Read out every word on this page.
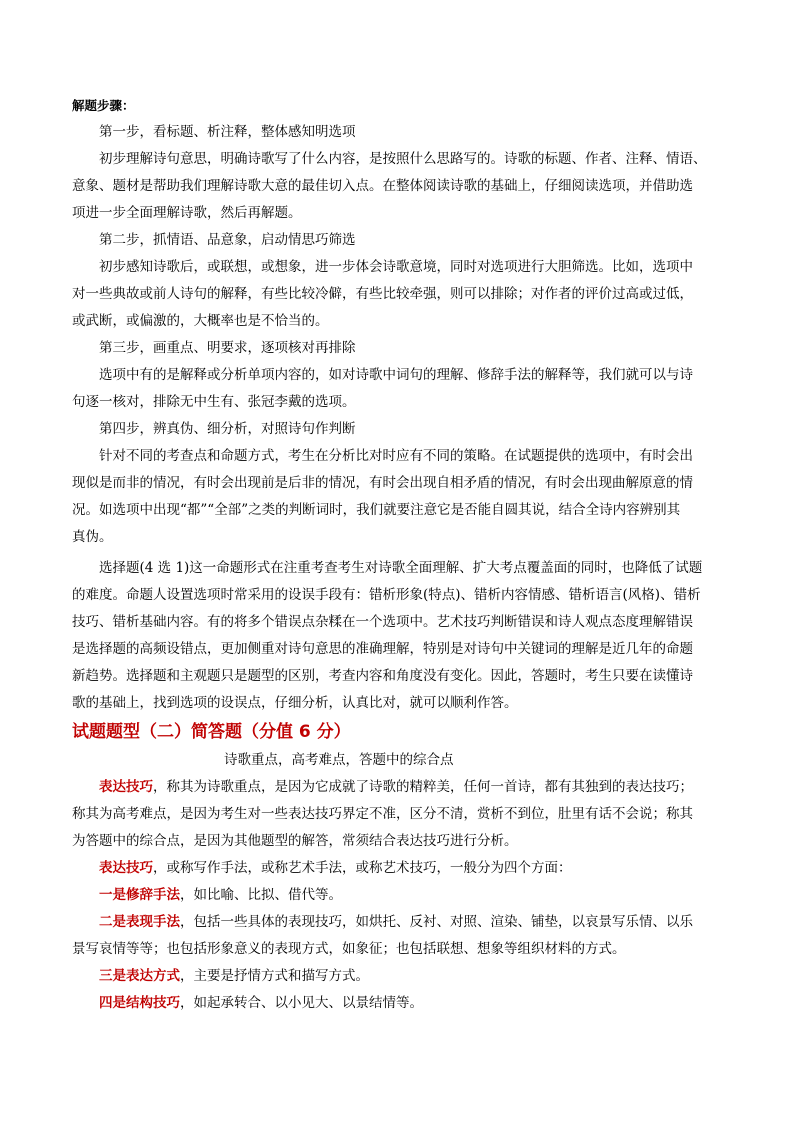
解题步骤：

第一步，看标题、析注释，整体感知明选项

初步理解诗句意思，明确诗歌写了什么内容，是按照什么思路写的。诗歌的标题、作者、注释、情语、

意象、题材是帮助我们理解诗歌大意的最佳切入点。在整体阅读诗歌的基础上，仔细阅读选项，并借助选

项进一步全面理解诗歌，然后再解题。

第二步，抓情语、品意象，启动情思巧筛选

初步感知诗歌后，或联想，或想象，进一步体会诗歌意境，同时对选项进行大胆筛选。比如，选项中

对一些典故或前人诗句的解释，有些比较冷僻，有些比较牵强，则可以排除；对作者的评价过高或过低，

或武断，或偏激的，大概率也是不恰当的。

第三步，画重点、明要求，逐项核对再排除

选项中有的是解释或分析单项内容的，如对诗歌中词句的理解、修辞手法的解释等，我们就可以与诗

句逐一核对，排除无中生有、张冠李戴的选项。

第四步，辨真伪、细分析，对照诗句作判断

针对不同的考查点和命题方式，考生在分析比对时应有不同的策略。在试题提供的选项中，有时会出

现似是而非的情况，有时会出现前是后非的情况，有时会出现自相矛盾的情况，有时会出现曲解原意的情

况。如选项中出现“都”“全部”之类的判断词时，我们就要注意它是否能自圆其说，结合全诗内容辨别其

真伪。

选择题(4 选 1)这一命题形式在注重考查考生对诗歌全面理解、扩大考点覆盖面的同时，也降低了试题

的难度。命题人设置选项时常采用的设误手段有：错析形象(特点)、错析内容情感、错析语言(风格)、错析

技巧、错析基础内容。有的将多个错误点杂糅在一个选项中。艺术技巧判断错误和诗人观点态度理解错误

是选择题的高频设错点，更加侧重对诗句意思的准确理解，特别是对诗句中关键词的理解是近几年的命题

新趋势。选择题和主观题只是题型的区别，考查内容和角度没有变化。因此，答题时，考生只要在读懂诗

歌的基础上，找到选项的设误点，仔细分析，认真比对，就可以顺利作答。

试题题型（二）简答题（分值 6 分）

诗歌重点，高考难点，答题中的综合点

表达技巧，称其为诗歌重点，是因为它成就了诗歌的精粹美，任何一首诗，都有其独到的表达技巧；

称其为高考难点，是因为考生对一些表达技巧界定不准，区分不清，赏析不到位，肚里有话不会说；称其

为答题中的综合点，是因为其他题型的解答，常须结合表达技巧进行分析。

表达技巧，或称写作手法，或称艺术手法，或称艺术技巧，一般分为四个方面：

一是修辞手法，如比喻、比拟、借代等。

二是表现手法，包括一些具体的表现技巧，如烘托、反衬、对照、渲染、铺垫，以哀景写乐情、以乐

景写哀情等等；也包括形象意义的表现方式，如象征；也包括联想、想象等组织材料的方式。

三是表达方式，主要是抒情方式和描写方式。

四是结构技巧，如起承转合、以小见大、以景结情等。
